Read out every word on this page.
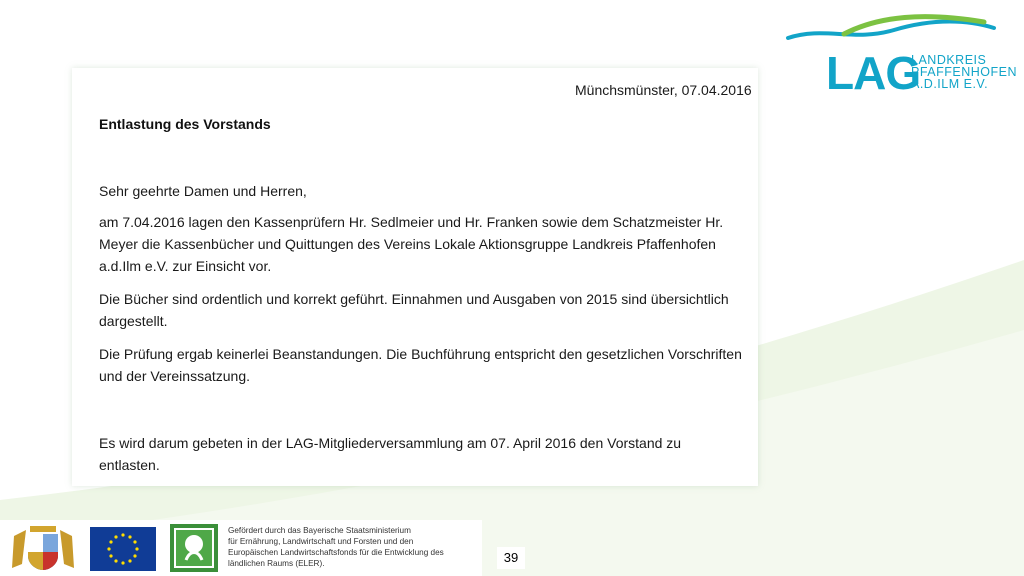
Münchsmünster, 07.04.2016
Entlastung des Vorstands

Sehr geehrte Damen und Herren,

am 7.04.2016 lagen den Kassenprüfern Hr. Sedlmeier und Hr. Franken sowie dem Schatzmeister Hr. Meyer die Kassenbücher und Quittungen des Vereins Lokale Aktionsgruppe Landkreis Pfaffenhofen a.d.Ilm e.V. zur Einsicht vor.

Die Bücher sind ordentlich und korrekt geführt. Einnahmen und Ausgaben von 2015 sind übersichtlich dargestellt.

Die Prüfung ergab keinerlei Beanstandungen. Die Buchführung entspricht den gesetzlichen Vorschriften und der Vereinssatzung.

Es wird darum gebeten in der LAG-Mitgliederversammlung am 07. April 2016 den Vorstand zu entlasten.

LAG
LANDKREIS
PFAFFENHOFEN
A.D.ILM E.V.
Gefördert durch das Bayerische Staatsministerium
für Ernährung, Landwirtschaft und Forsten und den
Europäischen Landwirtschaftsfonds für die Entwicklung des
ländlichen Raums (ELER).	39
